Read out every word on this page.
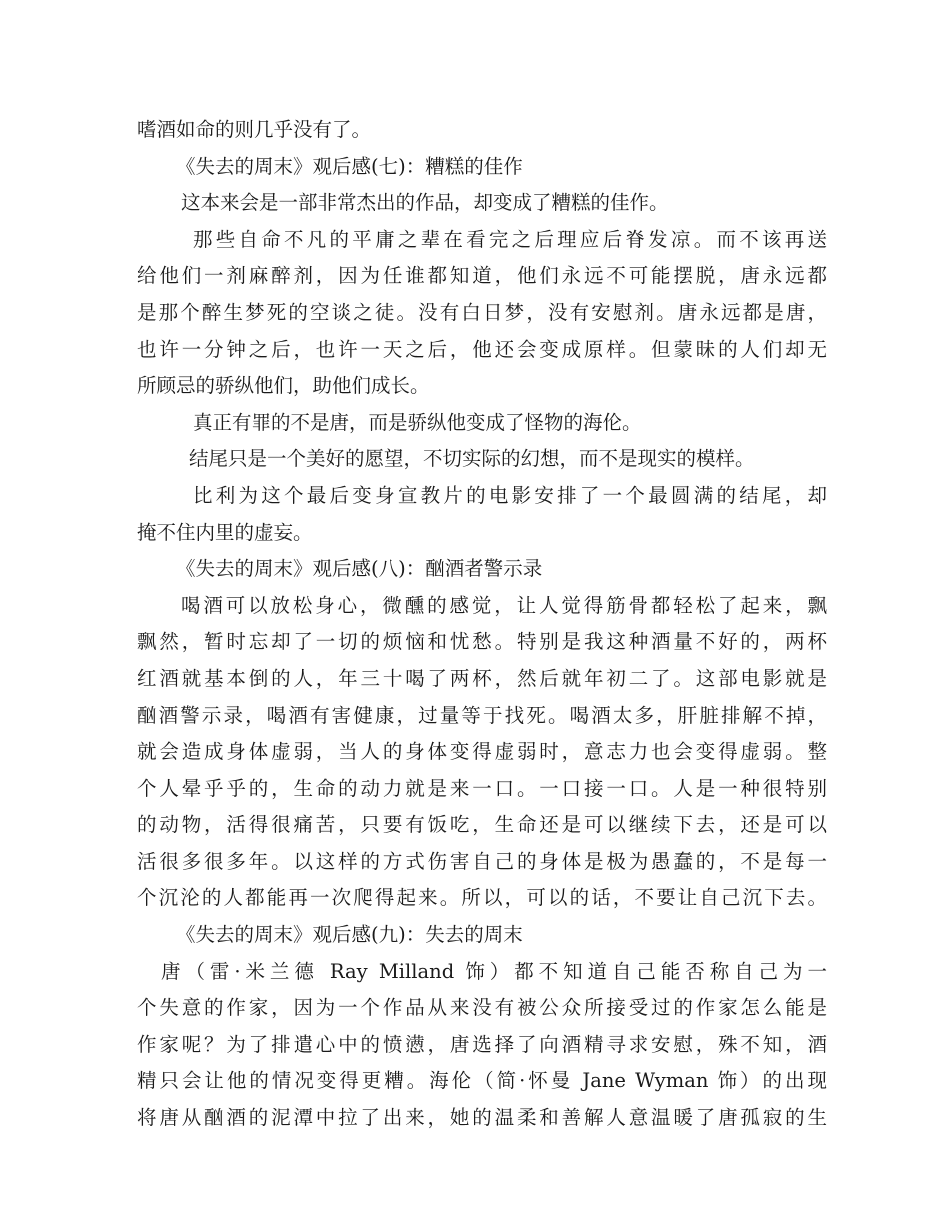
嗜酒如命的则几乎没有了。
《失去的周末》观后感(七)：糟糕的佳作
这本来会是一部非常杰出的作品，却变成了糟糕的佳作。
那些自命不凡的平庸之辈在看完之后理应后脊发凉。而不该再送
给他们一剂麻醉剂，因为任谁都知道，他们永远不可能摆脱，唐永远都
是那个醉生梦死的空谈之徒。没有白日梦，没有安慰剂。唐永远都是唐，
也许一分钟之后，也许一天之后，他还会变成原样。但蒙昧的人们却无
所顾忌的骄纵他们，助他们成长。
真正有罪的不是唐，而是骄纵他变成了怪物的海伦。
结尾只是一个美好的愿望，不切实际的幻想，而不是现实的模样。
比利为这个最后变身宣教片的电影安排了一个最圆满的结尾，却
掩不住内里的虚妄。
《失去的周末》观后感(八)：酗酒者警示录
喝酒可以放松身心，微醺的感觉，让人觉得筋骨都轻松了起来，飘
飘然，暂时忘却了一切的烦恼和忧愁。特别是我这种酒量不好的，两杯
红酒就基本倒的人，年三十喝了两杯，然后就年初二了。这部电影就是
酗酒警示录，喝酒有害健康，过量等于找死。喝酒太多，肝脏排解不掉，
就会造成身体虚弱，当人的身体变得虚弱时，意志力也会变得虚弱。整
个人晕乎乎的，生命的动力就是来一口。一口接一口。人是一种很特别
的动物，活得很痛苦，只要有饭吃，生命还是可以继续下去，还是可以
活很多很多年。以这样的方式伤害自己的身体是极为愚蠢的，不是每一
个沉沦的人都能再一次爬得起来。所以，可以的话，不要让自己沉下去。
《失去的周末》观后感(九)：失去的周末
唐（雷·米兰德 Ray Milland 饰）都不知道自己能否称自己为一
个失意的作家，因为一个作品从来没有被公众所接受过的作家怎么能是
作家呢？为了排遣心中的愤懑，唐选择了向酒精寻求安慰，殊不知，酒
精只会让他的情况变得更糟。海伦（简·怀曼 Jane Wyman 饰）的出现
将唐从酗酒的泥潭中拉了出来，她的温柔和善解人意温暖了唐孤寂的生
